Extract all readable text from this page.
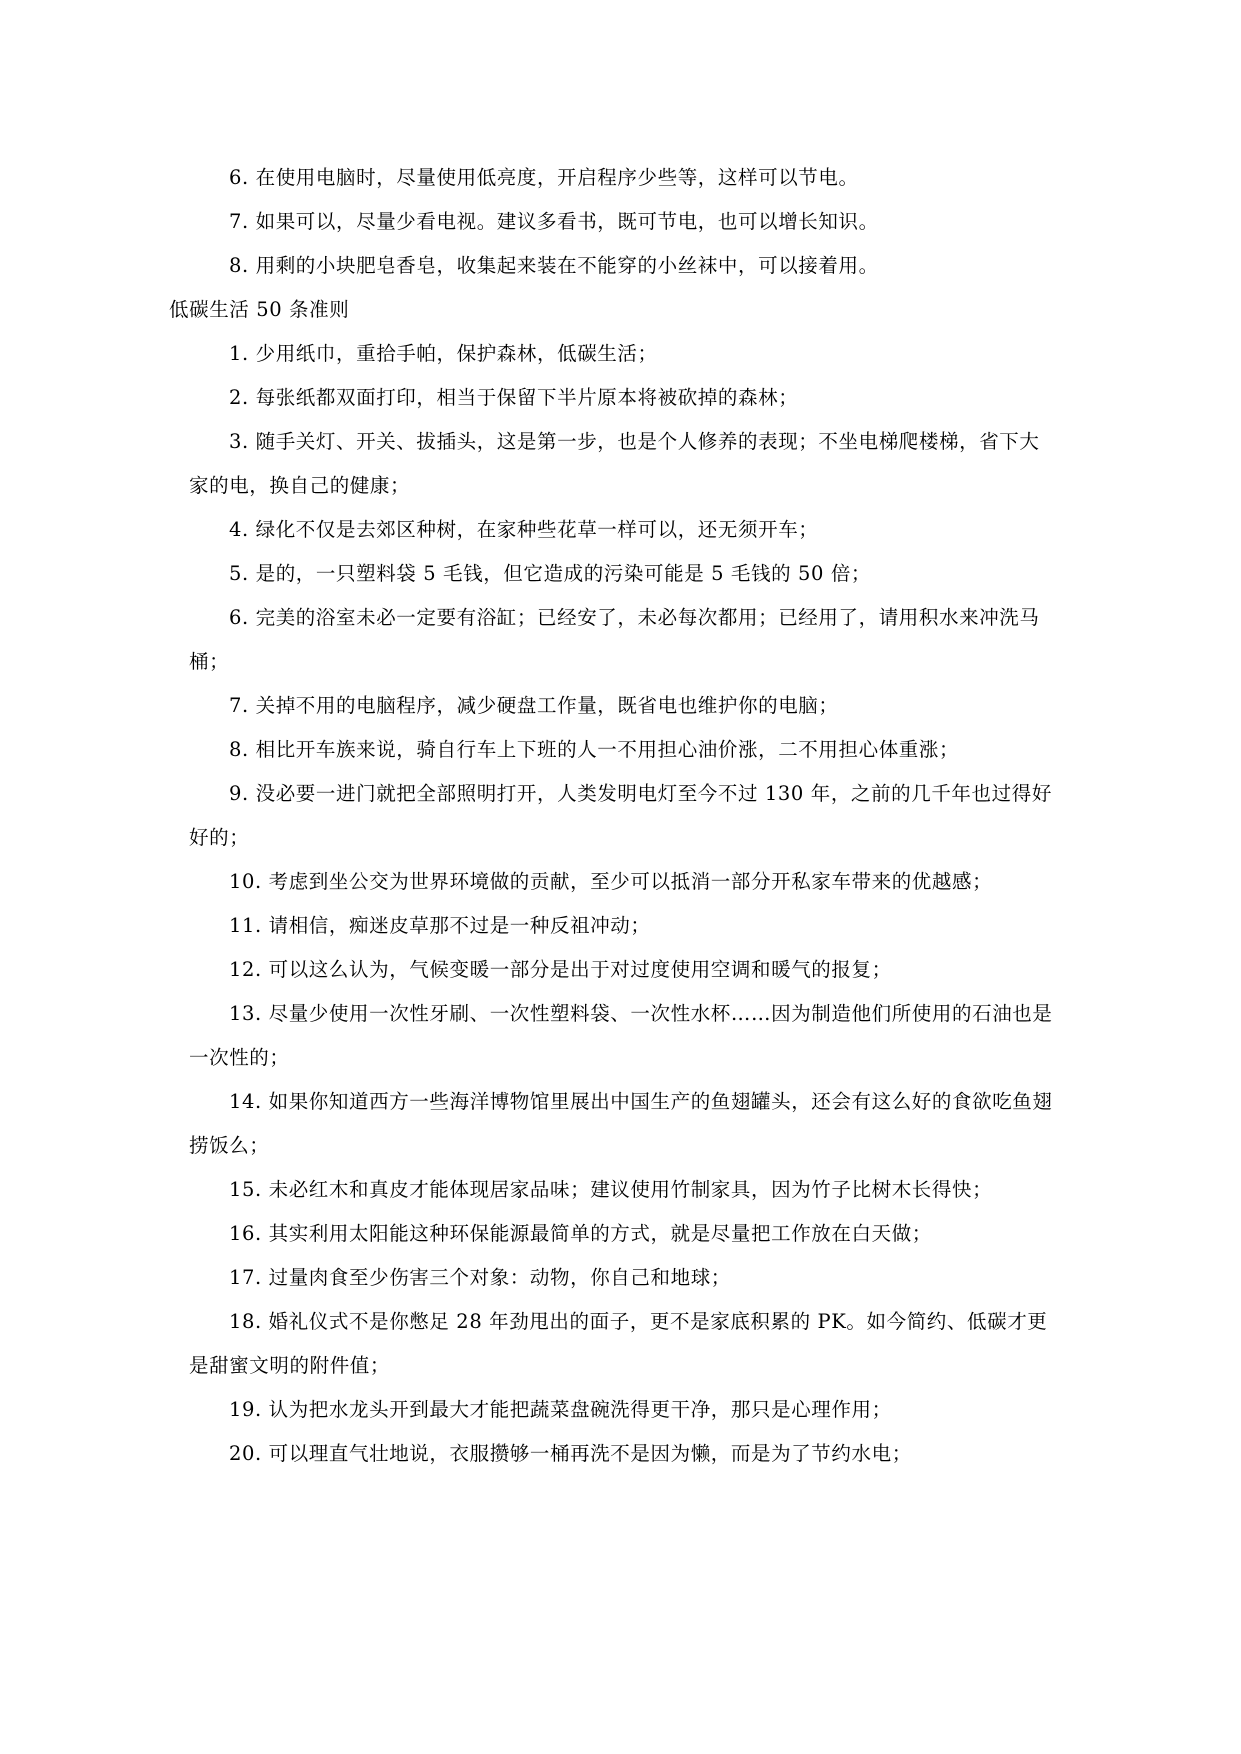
6. 在使用电脑时，尽量使用低亮度，开启程序少些等，这样可以节电。

7. 如果可以，尽量少看电视。建议多看书，既可节电，也可以增长知识。

8. 用剩的小块肥皂香皂，收集起来装在不能穿的小丝袜中，可以接着用。

低碳生活 50 条准则

1. 少用纸巾，重拾手帕，保护森林，低碳生活；

2. 每张纸都双面打印，相当于保留下半片原本将被砍掉的森林；

3. 随手关灯、开关、拔插头，这是第一步，也是个人修养的表现；不坐电梯爬楼梯，省下大家的电，换自己的健康；

4. 绿化不仅是去郊区种树，在家种些花草一样可以，还无须开车；

5. 是的，一只塑料袋 5 毛钱，但它造成的污染可能是 5 毛钱的 50 倍；

6. 完美的浴室未必一定要有浴缸；已经安了，未必每次都用；已经用了，请用积水来冲洗马桶；

7. 关掉不用的电脑程序，减少硬盘工作量，既省电也维护你的电脑；

8. 相比开车族来说，骑自行车上下班的人一不用担心油价涨，二不用担心体重涨；

9. 没必要一进门就把全部照明打开，人类发明电灯至今不过 130 年，之前的几千年也过得好好的；

10. 考虑到坐公交为世界环境做的贡献，至少可以抵消一部分开私家车带来的优越感；

11. 请相信，痴迷皮草那不过是一种反祖冲动；

12. 可以这么认为，气候变暖一部分是出于对过度使用空调和暖气的报复；

13. 尽量少使用一次性牙刷、一次性塑料袋、一次性水杯……因为制造他们所使用的石油也是一次性的；

14. 如果你知道西方一些海洋博物馆里展出中国生产的鱼翅罐头，还会有这么好的食欲吃鱼翅捞饭么；

15. 未必红木和真皮才能体现居家品味；建议使用竹制家具，因为竹子比树木长得快；

16. 其实利用太阳能这种环保能源最简单的方式，就是尽量把工作放在白天做；

17. 过量肉食至少伤害三个对象：动物，你自己和地球；

18. 婚礼仪式不是你憋足 28 年劲甩出的面子，更不是家底积累的 PK。如今简约、低碳才更是甜蜜文明的附件值；

19. 认为把水龙头开到最大才能把蔬菜盘碗洗得更干净，那只是心理作用；

20. 可以理直气壮地说，衣服攒够一桶再洗不是因为懒，而是为了节约水电；
